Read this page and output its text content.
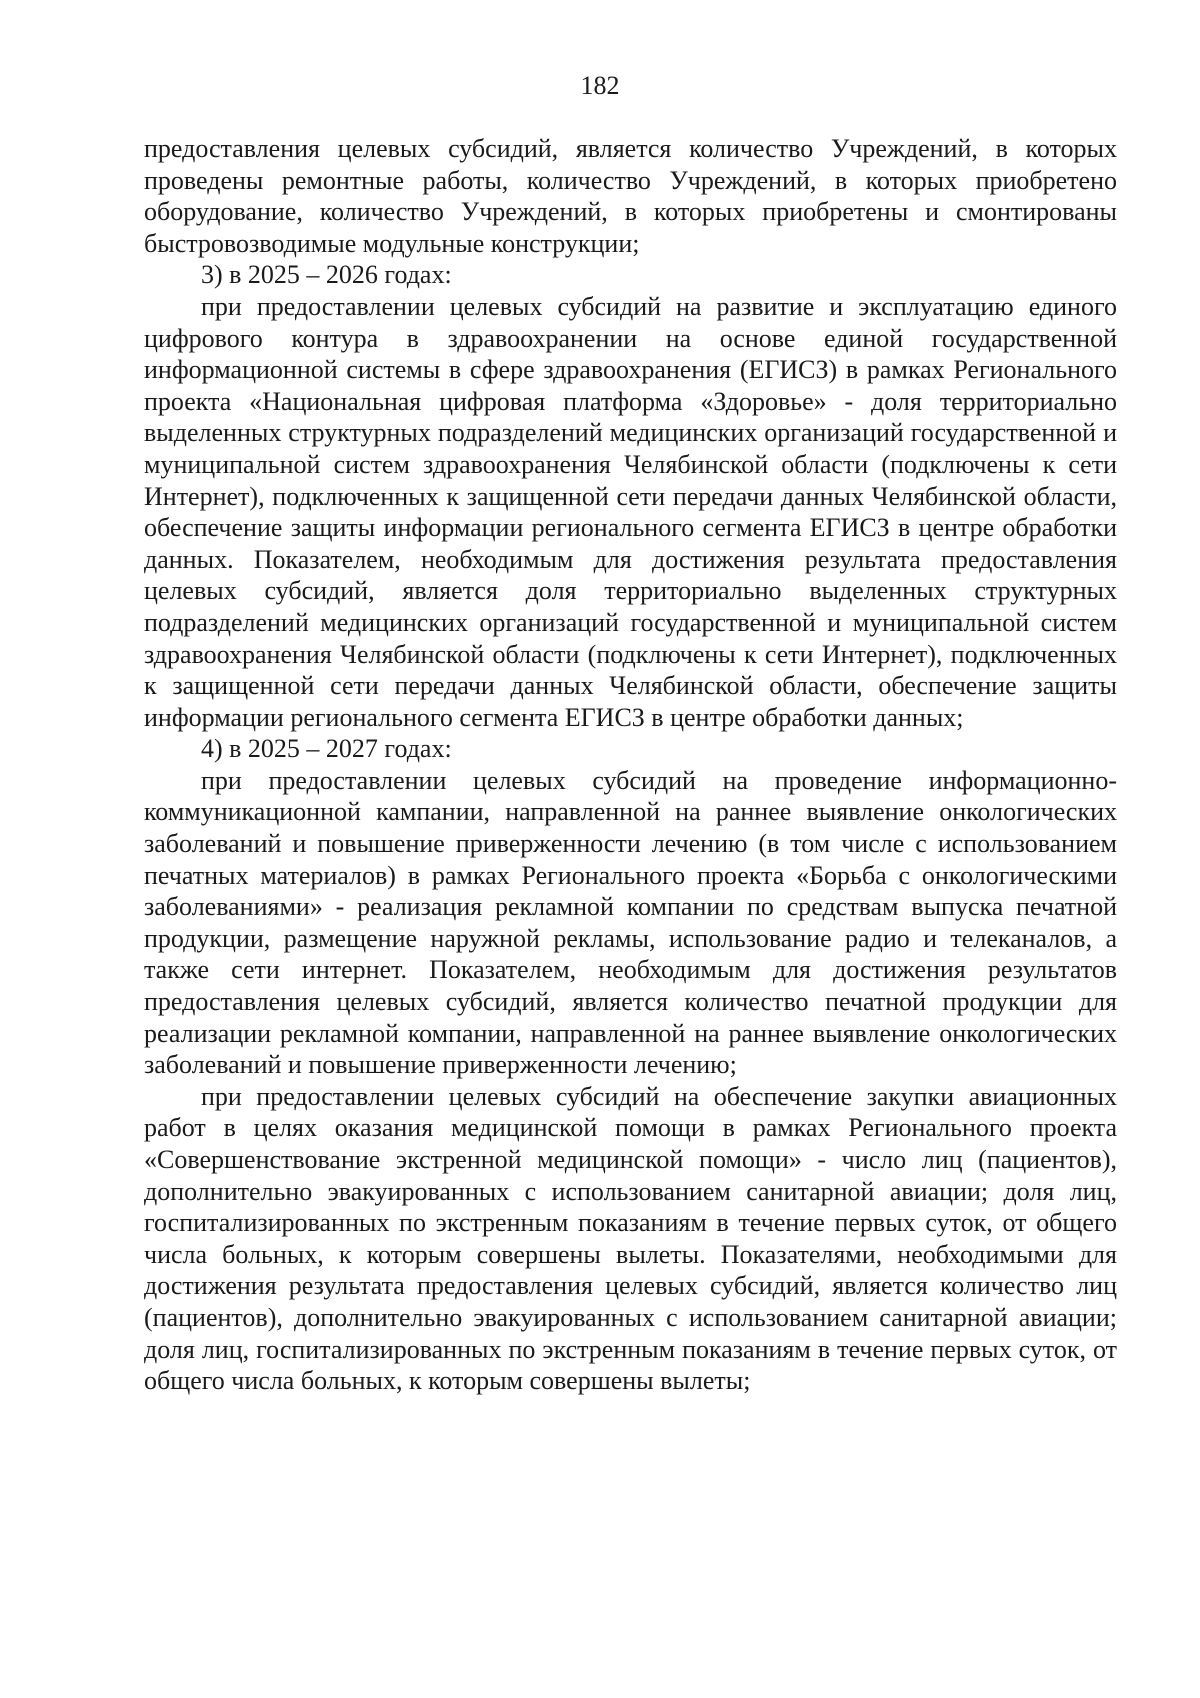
182

предоставления целевых субсидий, является количество Учреждений, в которых проведены ремонтные работы, количество Учреждений, в которых приобретено оборудование, количество Учреждений, в которых приобретены и смонтированы быстровозводимые модульные конструкции;

3) в 2025 – 2026 годах:

при предоставлении целевых субсидий на развитие и эксплуатацию единого цифрового контура в здравоохранении на основе единой государственной информационной системы в сфере здравоохранения (ЕГИСЗ) в рамках Регионального проекта «Национальная цифровая платформа «Здоровье» - доля территориально выделенных структурных подразделений медицинских организаций государственной и муниципальной систем здравоохранения Челябинской области (подключены к сети Интернет), подключенных к защищенной сети передачи данных Челябинской области, обеспечение защиты информации регионального сегмента ЕГИСЗ в центре обработки данных. Показателем, необходимым для достижения результата предоставления целевых субсидий, является доля территориально выделенных структурных подразделений медицинских организаций государственной и муниципальной систем здравоохранения Челябинской области (подключены к сети Интернет), подключенных к защищенной сети передачи данных Челябинской области, обеспечение защиты информации регионального сегмента ЕГИСЗ в центре обработки данных;

4) в 2025 – 2027 годах:

при предоставлении целевых субсидий на проведение информационно-коммуникационной кампании, направленной на раннее выявление онкологических заболеваний и повышение приверженности лечению (в том числе с использованием печатных материалов) в рамках Регионального проекта «Борьба с онкологическими заболеваниями» - реализация рекламной компании по средствам выпуска печатной продукции, размещение наружной рекламы, использование радио и телеканалов, а также сети интернет. Показателем, необходимым для достижения результатов предоставления целевых субсидий, является количество печатной продукции для реализации рекламной компании, направленной на раннее выявление онкологических заболеваний и повышение приверженности лечению;

при предоставлении целевых субсидий на обеспечение закупки авиационных работ в целях оказания медицинской помощи в рамках Регионального проекта «Совершенствование экстренной медицинской помощи» - число лиц (пациентов), дополнительно эвакуированных с использованием санитарной авиации; доля лиц, госпитализированных по экстренным показаниям в течение первых суток, от общего числа больных, к которым совершены вылеты. Показателями, необходимыми для достижения результата предоставления целевых субсидий, является количество лиц (пациентов), дополнительно эвакуированных с использованием санитарной авиации; доля лиц, госпитализированных по экстренным показаниям в течение первых суток, от общего числа больных, к которым совершены вылеты;
